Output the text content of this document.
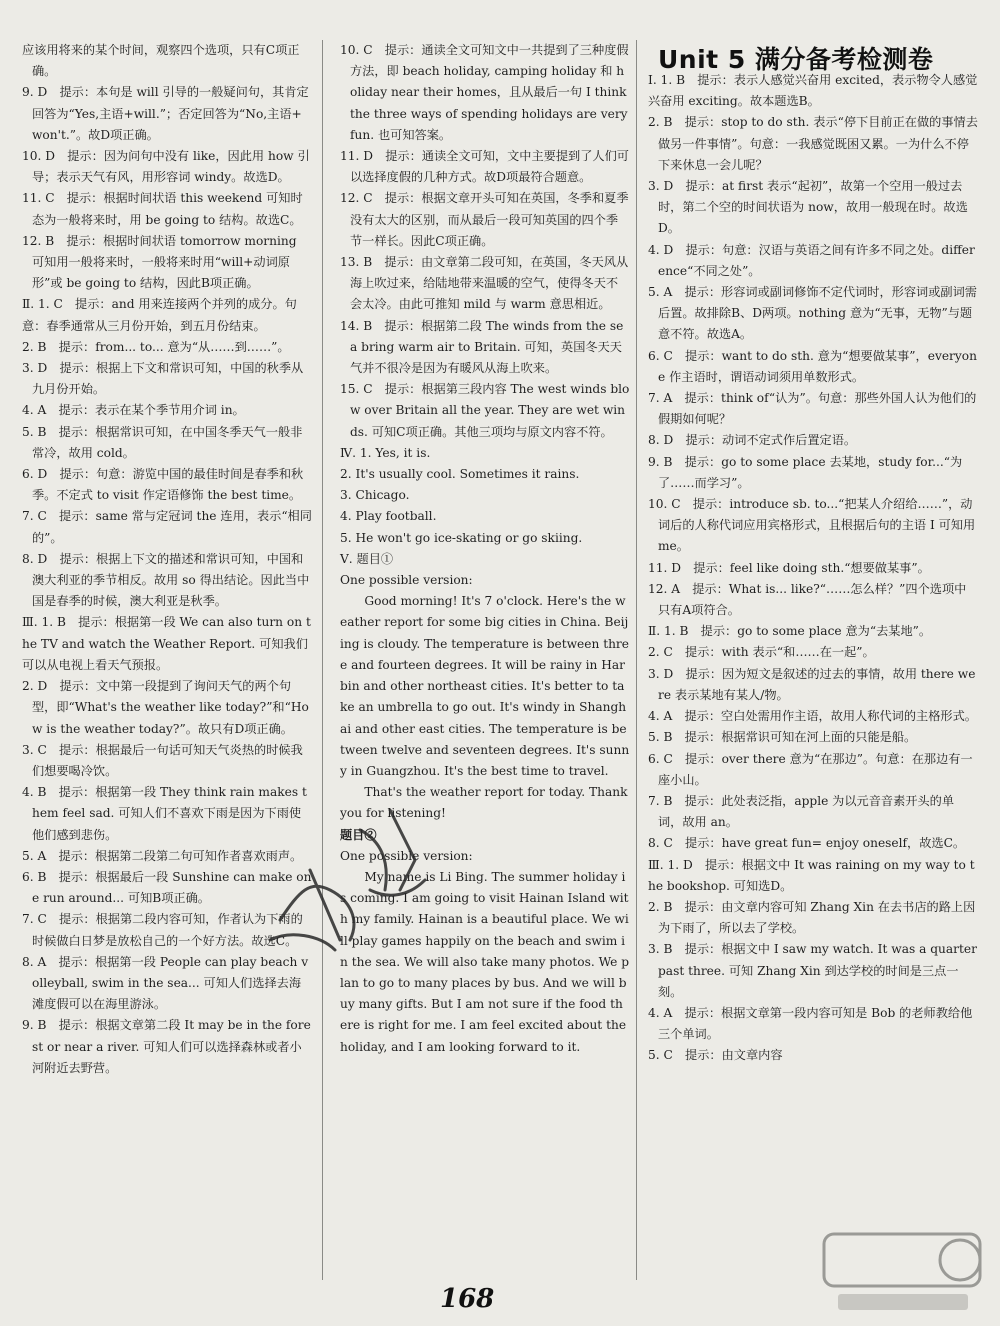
应该用将来的某个时间，观察四个选项，只有C项正确。

9. D　提示：本句是 will 引导的一般疑问句，其肯定回答为“Yes,主语+will.”；否定回答为“No,主语+won't.”。故D项正确。

10. D　提示：因为问句中没有 like，因此用 how 引导；表示天气有风，用形容词 windy。故选D。

11. C　提示：根据时间状语 this weekend 可知时态为一般将来时，用 be going to 结构。故选C。

12. B　提示：根据时间状语 tomorrow morning 可知用一般将来时，一般将来时用“will+动词原形”或 be going to 结构，因此B项正确。

Ⅱ. 1. C　提示：and 用来连接两个并列的成分。句意：春季通常从三月份开始，到五月份结束。

2. B　提示：from... to... 意为“从……到……”。

3. D　提示：根据上下文和常识可知，中国的秋季从九月份开始。

4. A　提示：表示在某个季节用介词 in。

5. B　提示：根据常识可知，在中国冬季天气一般非常冷，故用 cold。

6. D　提示：句意：游览中国的最佳时间是春季和秋季。不定式 to visit 作定语修饰 the best time。

7. C　提示：same 常与定冠词 the 连用，表示“相同的”。

8. D　提示：根据上下文的描述和常识可知，中国和澳大利亚的季节相反。故用 so 得出结论。因此当中国是春季的时候，澳大利亚是秋季。

Ⅲ. 1. B　提示：根据第一段 We can also turn on the TV and watch the Weather Report. 可知我们可以从电视上看天气预报。

2. D　提示：文中第一段提到了询问天气的两个句型，即“What's the weather like today?”和“How is the weather today?”。故只有D项正确。

3. C　提示：根据最后一句话可知天气炎热的时候我们想要喝冷饮。

4. B　提示：根据第一段 They think rain makes them feel sad. 可知人们不喜欢下雨是因为下雨使他们感到悲伤。

5. A　提示：根据第二段第二句可知作者喜欢雨声。

6. B　提示：根据最后一段 Sunshine can make one run around... 可知B项正确。

7. C　提示：根据第二段内容可知，作者认为下雨的时候做白日梦是放松自己的一个好方法。故选C。

8. A　提示：根据第一段 People can play beach volleyball, swim in the sea... 可知人们选择去海滩度假可以在海里游泳。

9. B　提示：根据文章第二段 It may be in the forest or near a river. 可知人们可以选择森林或者小河附近去野营。

10. C　提示：通读全文可知文中一共提到了三种度假方法，即 beach holiday, camping holiday 和 holiday near their homes，且从最后一句 I think the three ways of spending holidays are very fun. 也可知答案。

11. D　提示：通读全文可知，文中主要提到了人们可以选择度假的几种方式。故D项最符合题意。

12. C　提示：根据文章开头可知在英国，冬季和夏季没有太大的区别，而从最后一段可知英国的四个季节一样长。因此C项正确。

13. B　提示：由文章第二段可知，在英国，冬天风从海上吹过来，给陆地带来温暖的空气，使得冬天不会太冷。由此可推知 mild 与 warm 意思相近。

14. B　提示：根据第二段 The winds from the sea bring warm air to Britain. 可知，英国冬天天气并不很冷是因为有暖风从海上吹来。

15. C　提示：根据第三段内容 The west winds blow over Britain all the year. They are wet winds. 可知C项正确。其他三项均与原文内容不符。

Ⅳ. 1. Yes, it is.

2. It's usually cool. Sometimes it rains.

3. Chicago.

4. Play football.

5. He won't go ice-skating or go skiing.

Ⅴ. 题目①

One possible version:

Good morning! It's 7 o'clock. Here's the weather report for some big cities in China. Beijing is cloudy. The temperature is between three and fourteen degrees. It will be rainy in Harbin and other northeast cities. It's better to take an umbrella to go out. It's windy in Shanghai and other east cities. The temperature is between twelve and seventeen degrees. It's sunny in Guangzhou. It's the best time to travel.

That's the weather report for today. Thank you for listening!

题目②

One possible version:

My name is Li Bing. The summer holiday is coming. I am going to visit Hainan Island with my family. Hainan is a beautiful place. We will play games happily on the beach and swim in the sea. We will also take many photos. We plan to go to many places by bus. And we will buy many gifts. But I am not sure if the food there is right for me. I am feel excited about the holiday, and I am looking forward to it.

Unit 5 满分备考检测卷

Ⅰ. 1. B　提示：表示人感觉兴奋用 excited，表示物令人感觉兴奋用 exciting。故本题选B。

2. B　提示：stop to do sth. 表示“停下目前正在做的事情去做另一件事情”。句意：一我感觉既困又累。一为什么不停下来休息一会儿呢？

3. D　提示：at first 表示“起初”，故第一个空用一般过去时，第二个空的时间状语为 now，故用一般现在时。故选D。

4. D　提示：句意：汉语与英语之间有许多不同之处。difference“不同之处”。

5. A　提示：形容词或副词修饰不定代词时，形容词或副词需后置。故排除B、D两项。nothing 意为“无事，无物”与题意不符。故选A。

6. C　提示：want to do sth. 意为“想要做某事”，everyone 作主语时，谓语动词须用单数形式。

7. A　提示：think of“认为”。句意：那些外国人认为他们的假期如何呢？

8. D　提示：动词不定式作后置定语。

9. B　提示：go to some place 去某地，study for...“为了……而学习”。

10. C　提示：introduce sb. to...“把某人介绍给……”，动词后的人称代词应用宾格形式，且根据后句的主语 I 可知用 me。

11. D　提示：feel like doing sth.“想要做某事”。

12. A　提示：What is... like?“……怎么样？”四个选项中只有A项符合。

Ⅱ. 1. B　提示：go to some place 意为“去某地”。

2. C　提示：with 表示“和……在一起”。

3. D　提示：因为短文是叙述的过去的事情，故用 there were 表示某地有某人/物。

4. A　提示：空白处需用作主语，故用人称代词的主格形式。

5. B　提示：根据常识可知在河上面的只能是船。

6. C　提示：over there 意为“在那边”。句意：在那边有一座小山。

7. B　提示：此处表泛指，apple 为以元音音素开头的单词，故用 an。

8. C　提示：have great fun= enjoy oneself，故选C。

Ⅲ. 1. D　提示：根据文中 It was raining on my way to the bookshop. 可知选D。

2. B　提示：由文章内容可知 Zhang Xin 在去书店的路上因为下雨了，所以去了学校。

3. B　提示：根据文中 I saw my watch. It was a quarter past three. 可知 Zhang Xin 到达学校的时间是三点一刻。

4. A　提示：根据文章第一段内容可知是 Bob 的老师教给他三个单词。

5. C　提示：由文章内容

168
